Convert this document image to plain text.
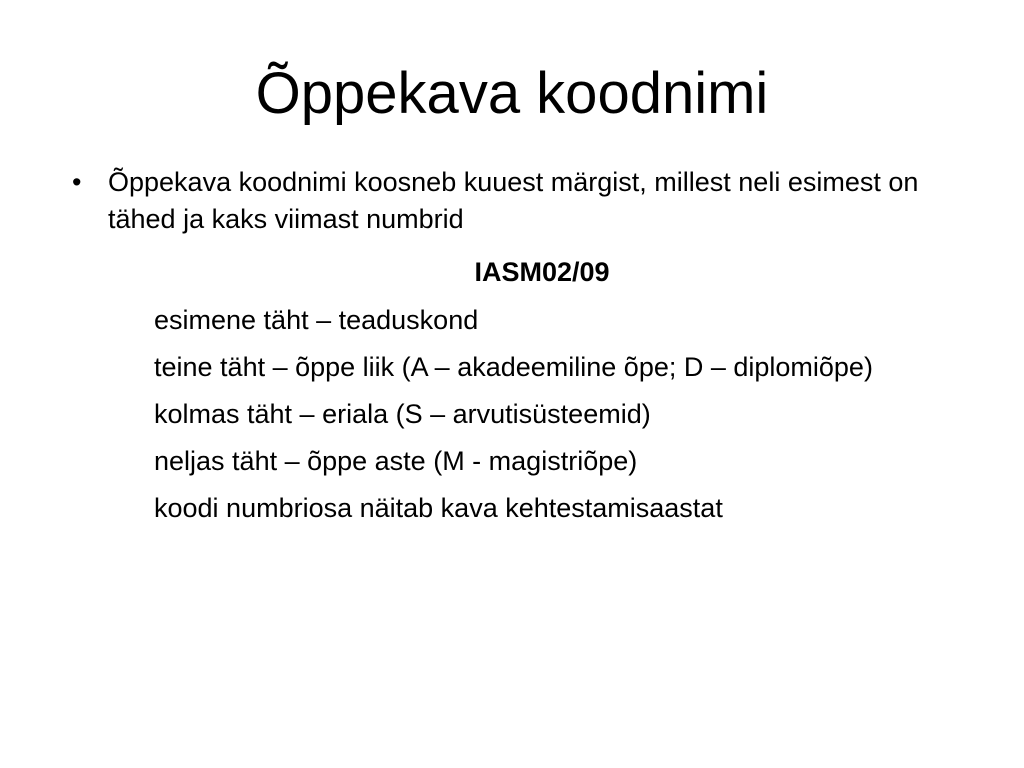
Õppekava koodnimi
• Õppekava koodnimi koosneb kuuest märgist, millest neli esimest on tähed ja kaks viimast numbrid
IASM02/09
esimene täht – teaduskond
teine täht – õppe liik (A – akadeemiline õpe; D – diplomiõpe)
kolmas täht – eriala (S – arvutisüsteemid)
neljas täht – õppe aste (M - magistriõpe)
koodi numbriosa näitab kava kehtestamisaastat
